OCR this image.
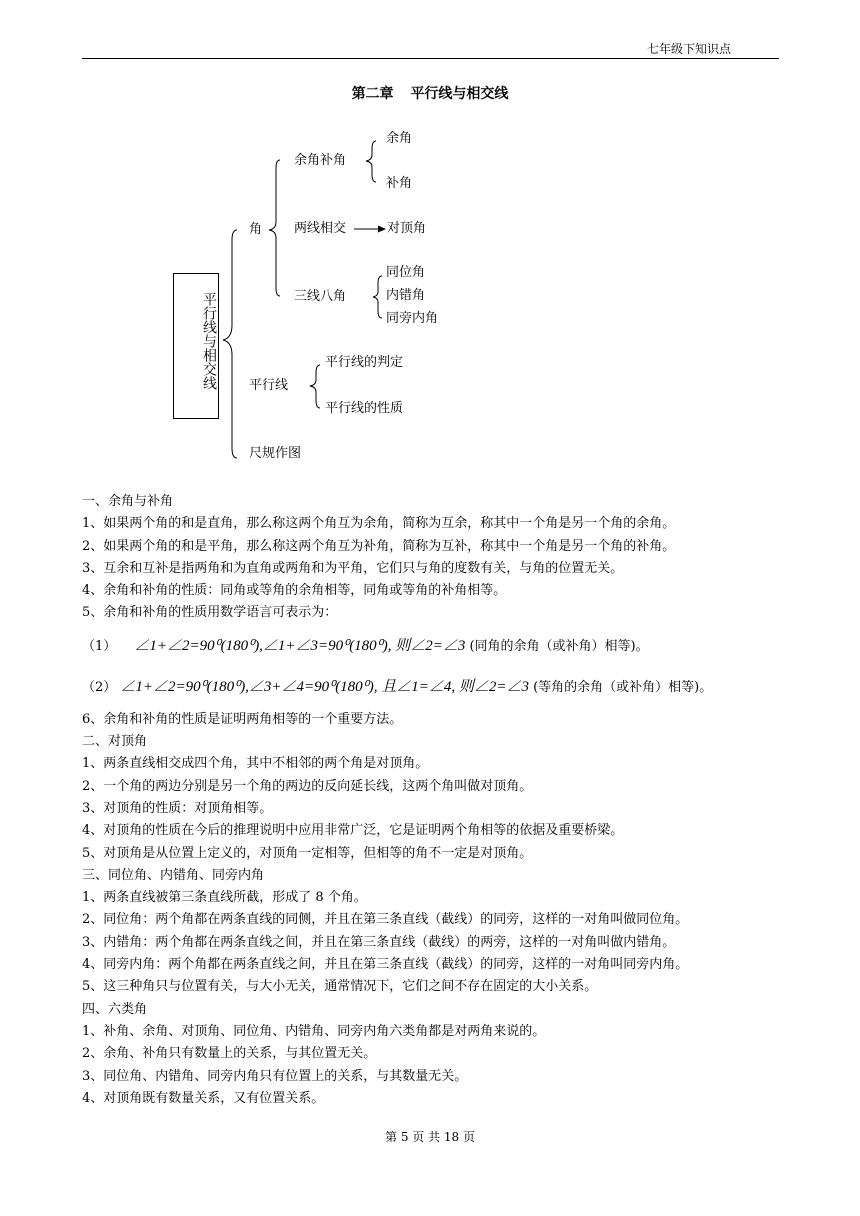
七年级下知识点
第二章 平行线与相交线
平行线与相交线
角
余角补角
余角
补角
两线相交	对顶角
三线八角
同位角
内错角
同旁内角
平行线
平行线的判定
平行线的性质
尺规作图
一、余角与补角
1、如果两个角的和是直角，那么称这两个角互为余角，简称为互余，称其中一个角是另一个角的余角。
2、如果两个角的和是平角，那么称这两个角互为补角，简称为互补，称其中一个角是另一个角的补角。
3、互余和互补是指两角和为直角或两角和为平角，它们只与角的度数有关，与角的位置无关。
4、余角和补角的性质：同角或等角的余角相等，同角或等角的补角相等。
5、余角和补角的性质用数学语言可表示为：
（1） ∠1+∠2=90⁰(180⁰),∠1+∠3=90⁰(180⁰), 则∠2=∠3 (同角的余角（或补角）相等)。
（2） ∠1+∠2=90⁰(180⁰),∠3+∠4=90⁰(180⁰), 且∠1=∠4, 则∠2=∠3 (等角的余角（或补角）相等)。
6、余角和补角的性质是证明两角相等的一个重要方法。
二、对顶角
1、两条直线相交成四个角，其中不相邻的两个角是对顶角。
2、一个角的两边分别是另一个角的两边的反向延长线，这两个角叫做对顶角。
3、对顶角的性质：对顶角相等。
4、对顶角的性质在今后的推理说明中应用非常广泛，它是证明两个角相等的依据及重要桥梁。
5、对顶角是从位置上定义的，对顶角一定相等，但相等的角不一定是对顶角。
三、同位角、内错角、同旁内角
1、两条直线被第三条直线所截，形成了 8 个角。
2、同位角：两个角都在两条直线的同侧，并且在第三条直线（截线）的同旁，这样的一对角叫做同位角。
3、内错角：两个角都在两条直线之间，并且在第三条直线（截线）的两旁，这样的一对角叫做内错角。
4、同旁内角：两个角都在两条直线之间，并且在第三条直线（截线）的同旁，这样的一对角叫同旁内角。
5、这三种角只与位置有关，与大小无关，通常情况下，它们之间不存在固定的大小关系。
四、六类角
1、补角、余角、对顶角、同位角、内错角、同旁内角六类角都是对两角来说的。
2、余角、补角只有数量上的关系，与其位置无关。
3、同位角、内错角、同旁内角只有位置上的关系，与其数量无关。
4、对顶角既有数量关系，又有位置关系。
第 5 页 共 18 页
